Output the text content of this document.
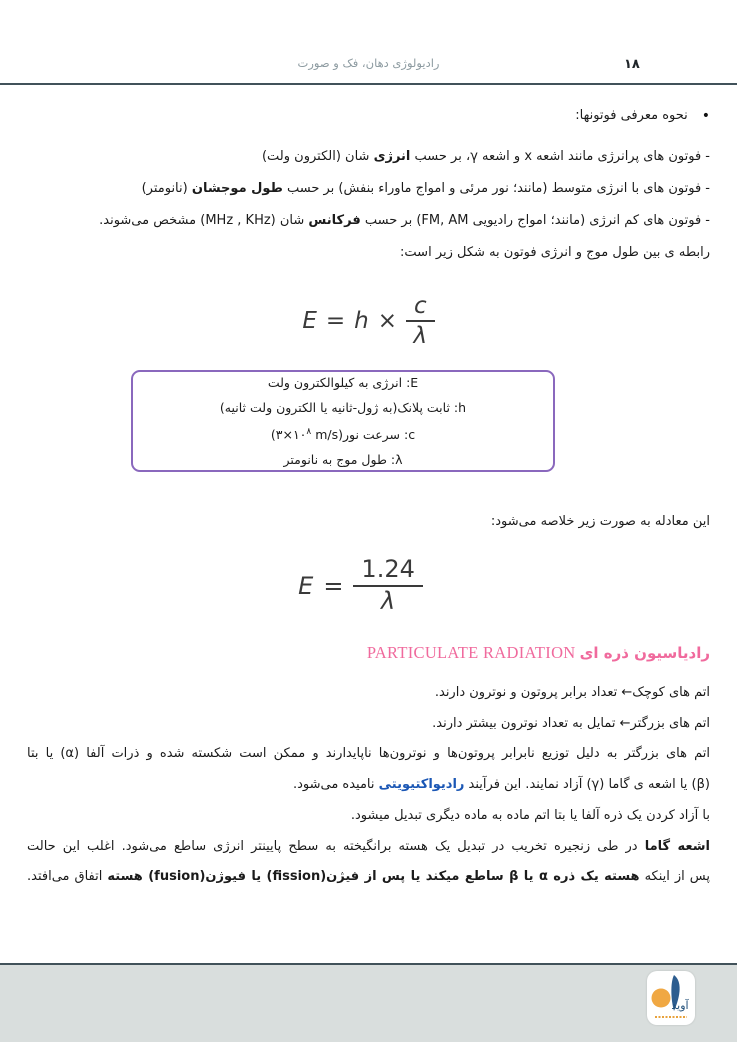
رادیولوژی دهان، فک و صورت	۱۸
•
نحوه معرفی فوتونها:
- فوتون های پرانرژی مانند اشعه x و اشعه γ، بر حسب انرژی شان (الکترون ولت)
- فوتون های با انرژی متوسط (مانند؛ نور مرئی و امواج ماوراء بنفش) بر حسب طول موجشان (نانومتر)
- فوتون های کم انرژی (مانند؛ امواج رادیویی FM, AM) بر حسب فرکانس شان (MHz , KHz) مشخص می‌شوند.
رابطه ی بین طول موج و انرژی فوتون به شکل زیر است:
$E = h \times \frac{c}{\lambda}$
E: انرژی به کیلوالکترون ولت
h: ثابت پلانک(به ژول-ثانیه یا الکترون ولت ثانیه)
c: سرعت $نور(۳\times ۱۰^۸$ m/s)
λ: طول موج به نانومتر
این معادله به صورت زیر خلاصه می‌شود:
$E = \frac{1.24}{\lambda}$
رادیاسیون ذره ای PARTICULATE RADIATION
اتم های کوچک← تعداد برابر پروتون و نوترون دارند.
اتم های بزرگتر← تمایل به تعداد نوترون بیشتر دارند.
اتم های بزرگتر به دلیل توزیع نابرابر پروتون‌ها و نوترون‌ها ناپایدارند و ممکن است شکسته شده و ذرات آلفا (α) یا بتا
(β) یا اشعه ی گاما (γ) آزاد نمایند. این فرآیند رادیواکتیویتی نامیده می‌شود.
با آزاد کردن یک ذره آلفا یا بتا اتم ماده به ماده دیگری تبدیل میشود.
اشعه گاما در طی زنجیره تخریب در تبدیل یک هسته برانگیخته به سطح پایینتر انرژی ساطع می‌شود. اغلب این حالت
پس از اینکه هسته یک ذره α یا β ساطع میکند یا پس از فیژن(fission) یا فیوژن(fusion) هسته اتفاق می‌افتد.
آوید
